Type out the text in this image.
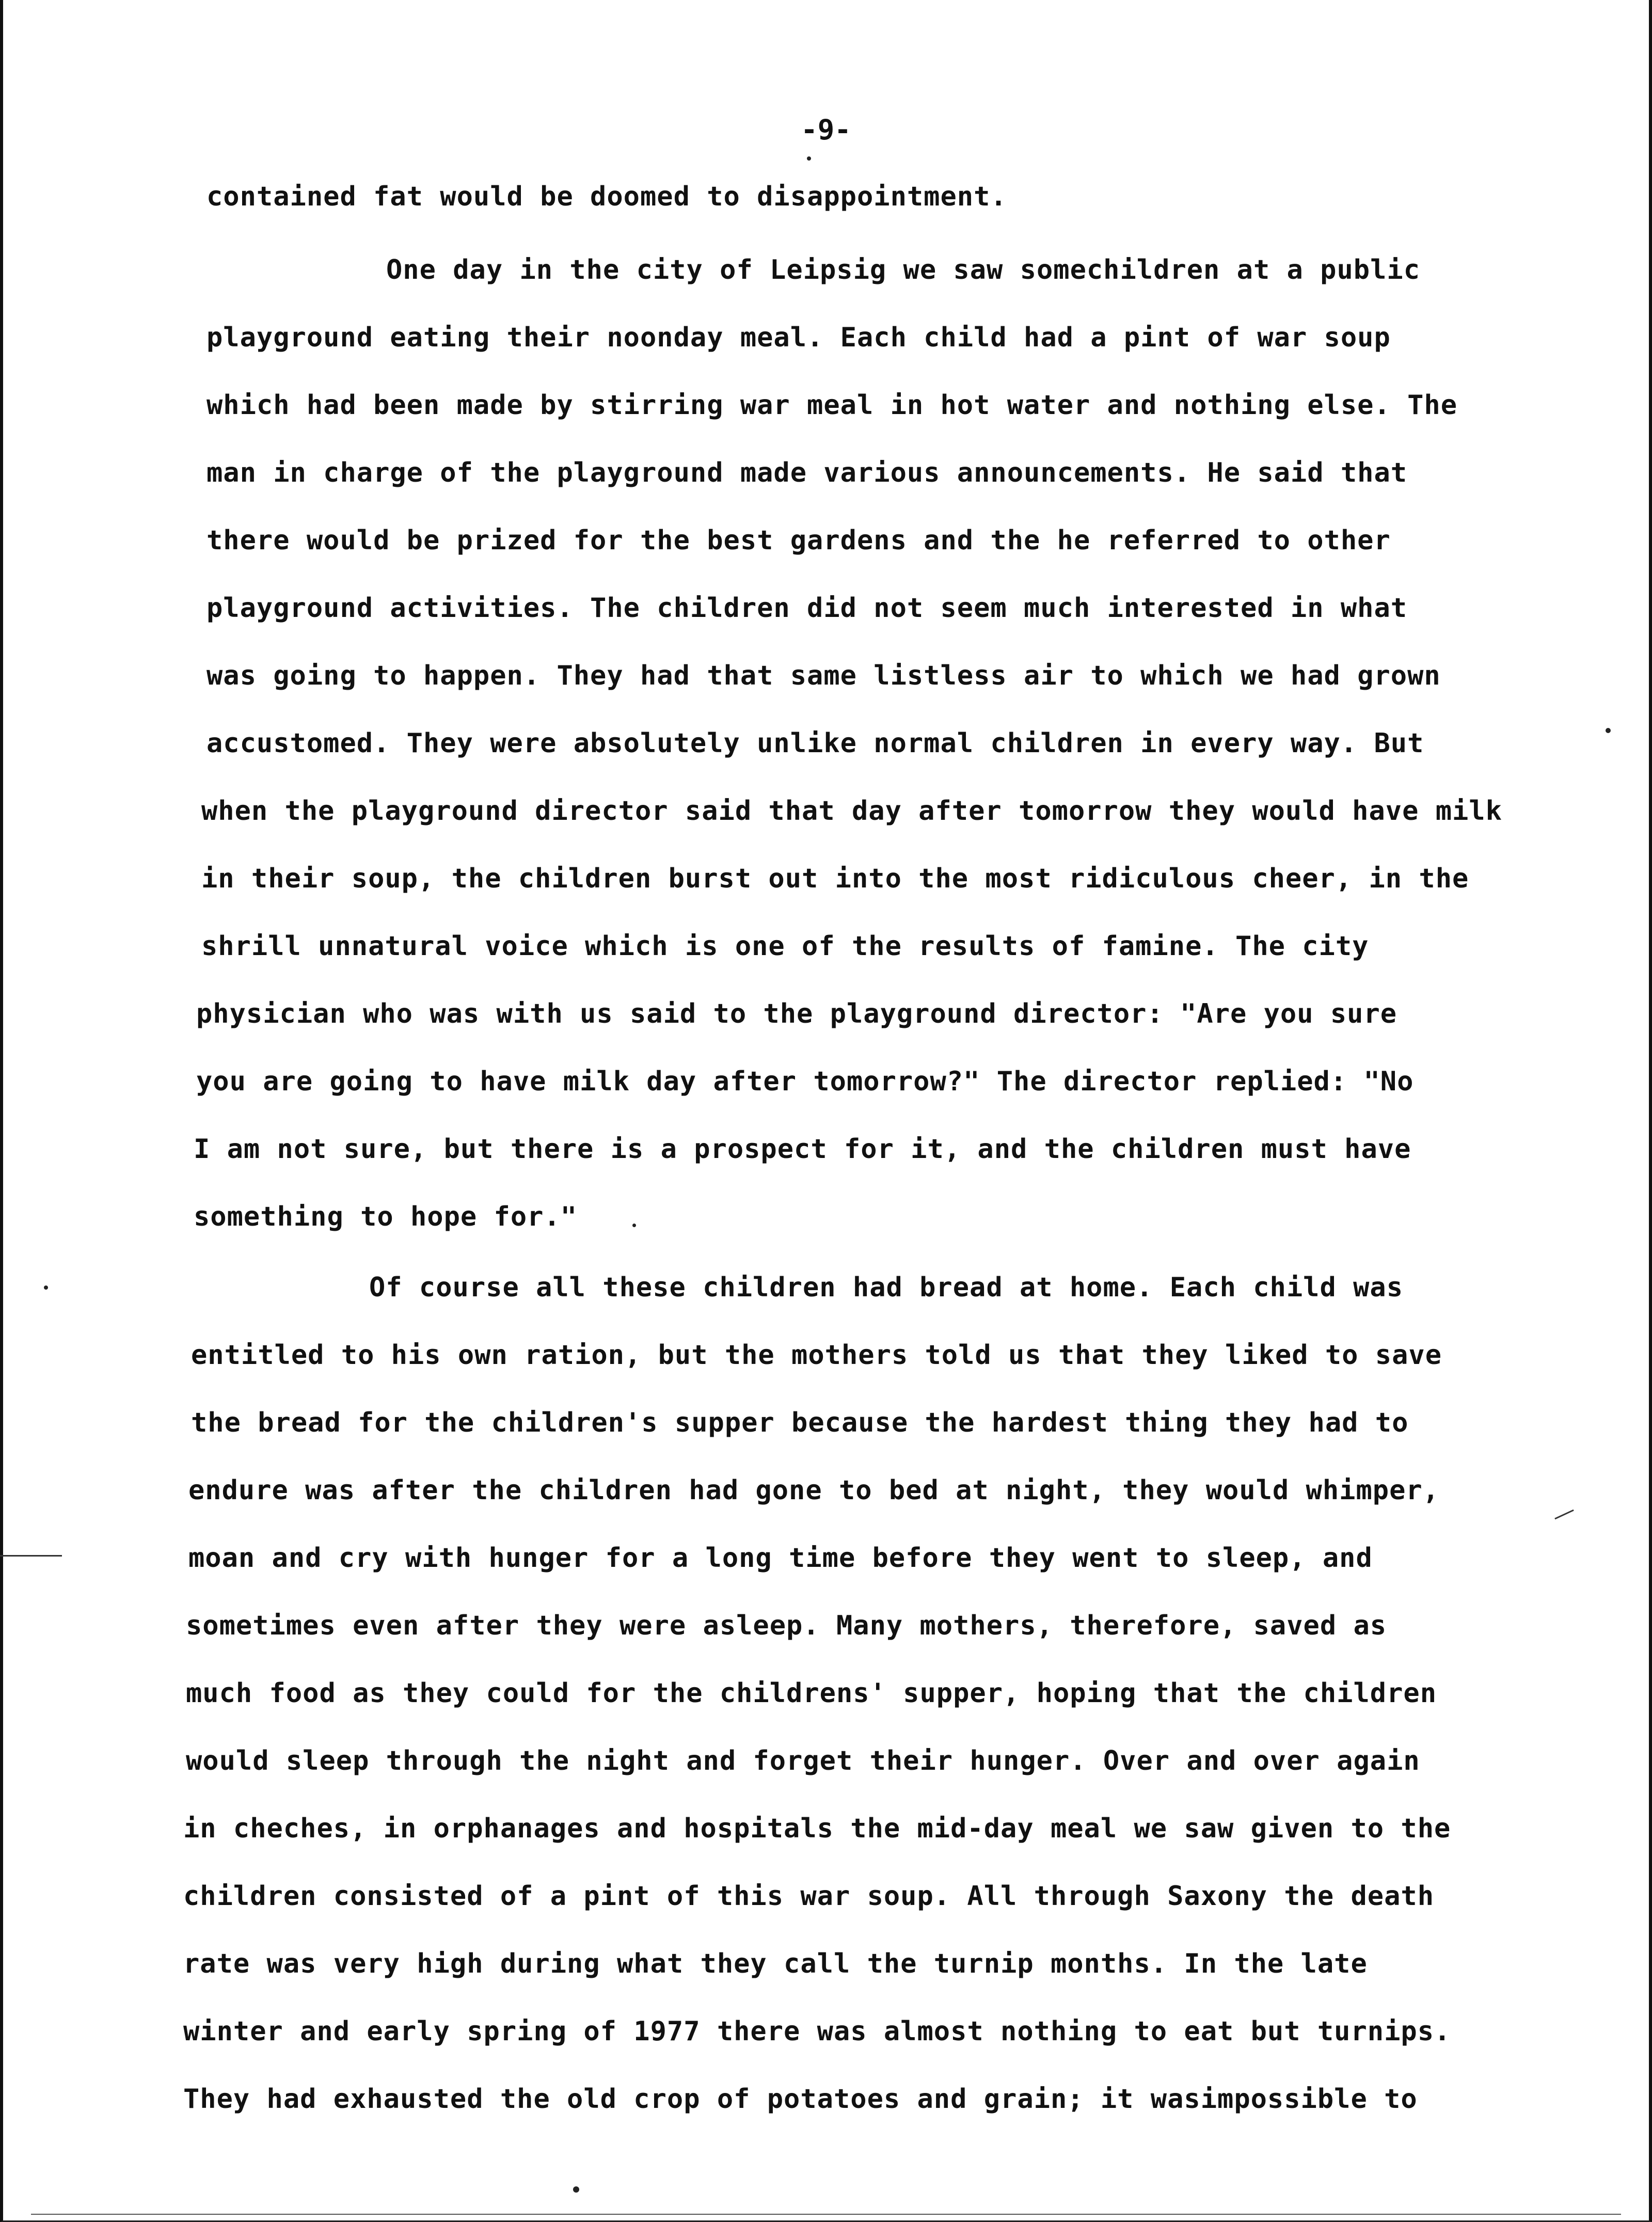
-9-
contained fat would be doomed to disappointment.
One day in the city of Leipsig we saw somechildren at a public
playground eating their noonday meal. Each child had a pint of war soup
which had been made by stirring war meal in hot water and nothing else. The
man in charge of the playground made various announcements. He said that
there would be prized for the best gardens and the he referred to other
playground activities. The children did not seem much interested in what
was going to happen. They had that same listless air to which we had grown
accustomed. They were absolutely unlike normal children in every way. But
when the playground director said that day after tomorrow they would have milk
in their soup, the children burst out into the most ridiculous cheer, in the
shrill unnatural voice which is one of the results of famine. The city
physician who was with us said to the playground director: "Are you sure
you are going to have milk day after tomorrow?" The director replied: "No
I am not sure, but there is a prospect for it, and the children must have
something to hope for."
Of course all these children had bread at home. Each child was
entitled to his own ration, but the mothers told us that they liked to save
the bread for the children's supper because the hardest thing they had to
endure was after the children had gone to bed at night, they would whimper,
moan and cry with hunger for a long time before they went to sleep, and
sometimes even after they were asleep. Many mothers, therefore, saved as
much food as they could for the childrens' supper, hoping that the children
would sleep through the night and forget their hunger. Over and over again
in cheches, in orphanages and hospitals the mid-day meal we saw given to the
children consisted of a pint of this war soup. All through Saxony the death
rate was very high during what they call the turnip months. In the late
winter and early spring of 1977 there was almost nothing to eat but turnips.
They had exhausted the old crop of potatoes and grain; it wasimpossible to
